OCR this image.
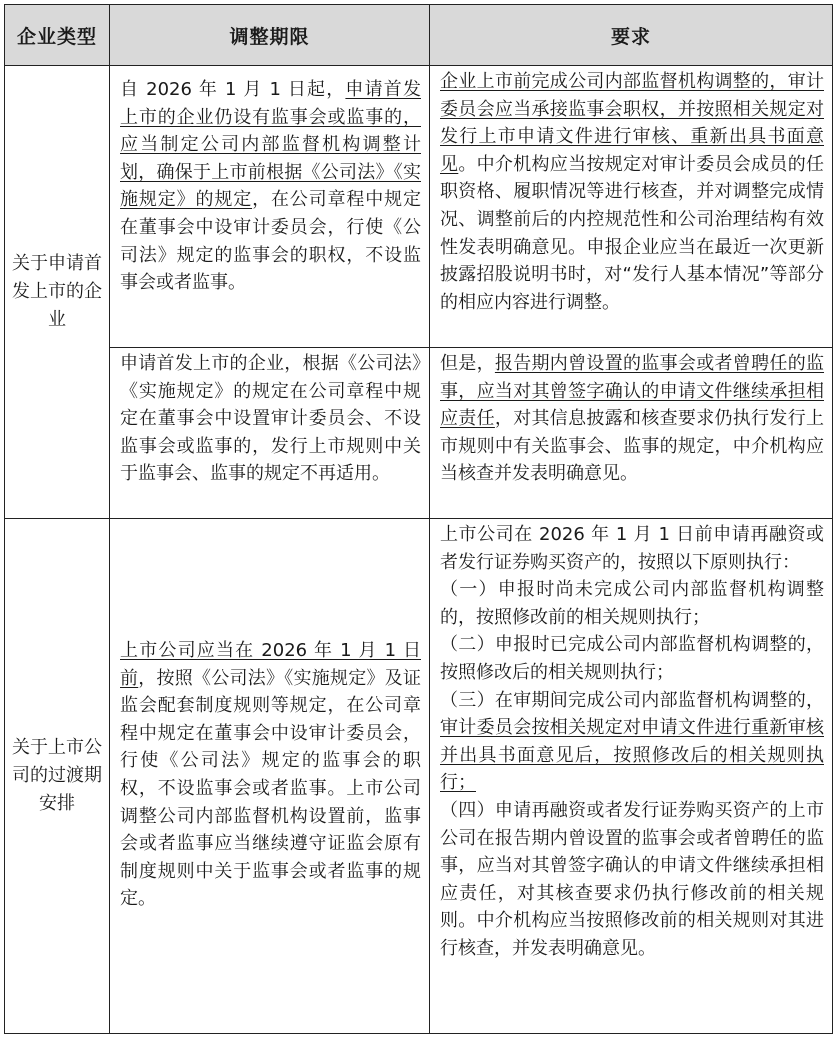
企业类型	调整期限	要求
关于申请首发上市的企业	自 2026 年 1 月 1 日起，申请首发上市的企业仍设有监事会或监事的，应当制定公司内部监督机构调整计划，确保于上市前根据《公司法》《实施规定》的规定，在公司章程中规定在董事会中设审计委员会，行使《公司法》规定的监事会的职权，不设监事会或者监事。	企业上市前完成公司内部监督机构调整的，审计委员会应当承接监事会职权，并按照相关规定对发行上市申请文件进行审核、重新出具书面意见。中介机构应当按规定对审计委员会成员的任职资格、履职情况等进行核查，并对调整完成情况、调整前后的内控规范性和公司治理结构有效性发表明确意见。申报企业应当在最近一次更新披露招股说明书时，对“发行人基本情况”等部分的相应内容进行调整。

	申请首发上市的企业，根据《公司法》《实施规定》的规定在公司章程中规定在董事会中设置审计委员会、不设监事会或监事的，发行上市规则中关于监事会、监事的规定不再适用。	但是，报告期内曾设置的监事会或者曾聘任的监事，应当对其曾签字确认的申请文件继续承担相应责任，对其信息披露和核查要求仍执行发行上市规则中有关监事会、监事的规定，中介机构应当核查并发表明确意见。

关于上市公司的过渡期安排	上市公司应当在 2026 年 1 月 1 日前，按照《公司法》《实施规定》及证监会配套制度规则等规定，在公司章程中规定在董事会中设审计委员会，行使《公司法》规定的监事会的职权，不设监事会或者监事。上市公司调整公司内部监督机构设置前，监事会或者监事应当继续遵守证监会原有制度规则中关于监事会或者监事的规定。	上市公司在 2026 年 1 月 1 日前申请再融资或者发行证券购买资产的，按照以下原则执行：

（一）申报时尚未完成公司内部监督机构调整的，按照修改前的相关规则执行；

（二）申报时已完成公司内部监督机构调整的，按照修改后的相关规则执行；

（三）在审期间完成公司内部监督机构调整的，审计委员会按相关规定对申请文件进行重新审核并出具书面意见后，按照修改后的相关规则执行；

（四）申请再融资或者发行证券购买资产的上市公司在报告期内曾设置的监事会或者曾聘任的监事，应当对其曾签字确认的申请文件继续承担相应责任，对其核查要求仍执行修改前的相关规则。中介机构应当按照修改前的相关规则对其进行核查，并发表明确意见。
